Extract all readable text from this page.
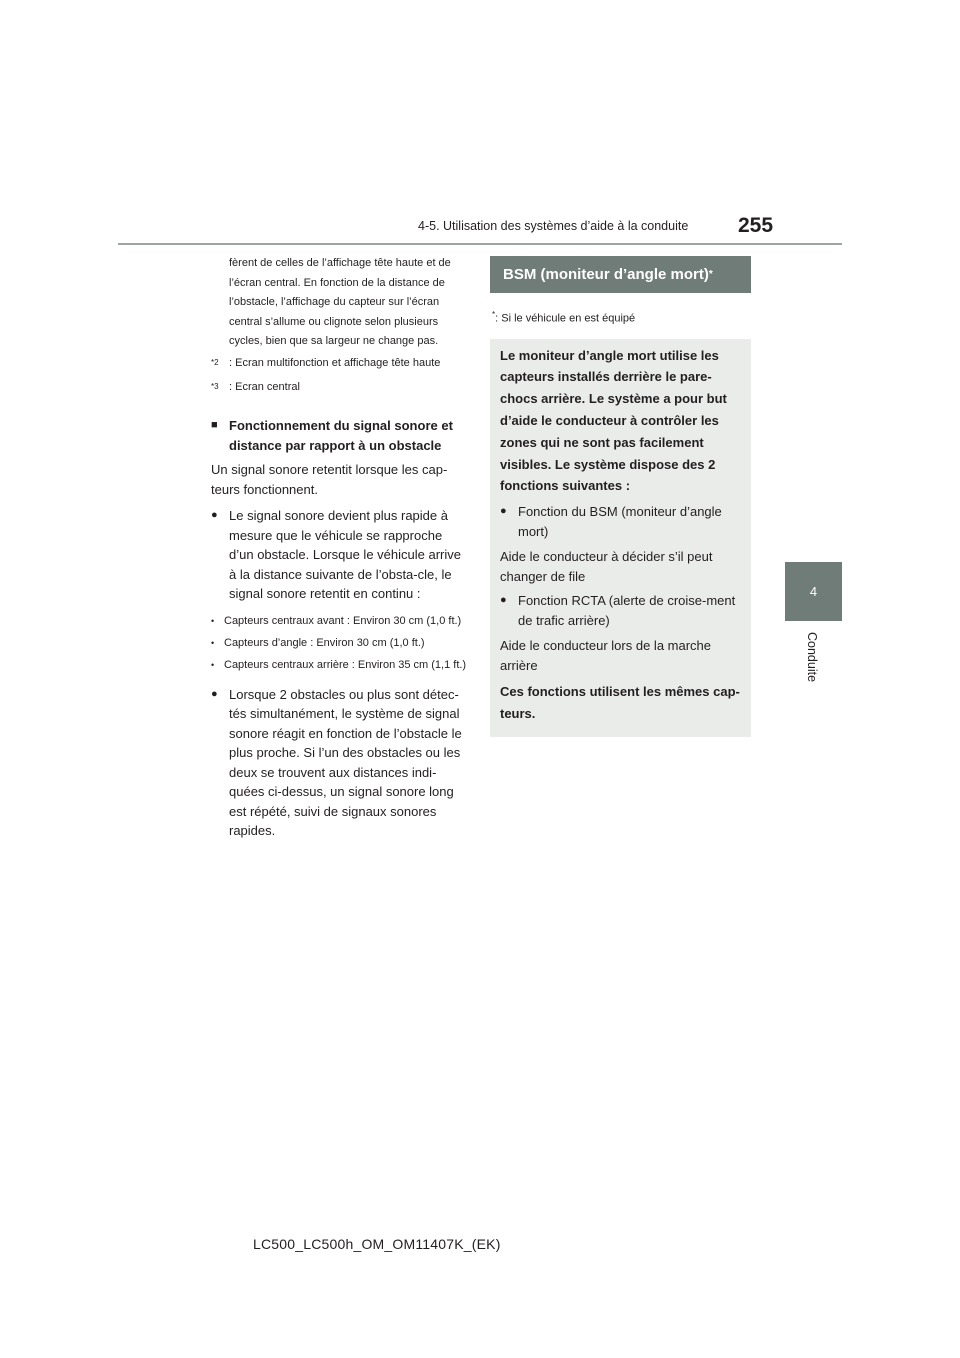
4-5. Utilisation des systèmes d’aide à la conduite 255
4
Conduite
fèrent de celles de l’affichage tête haute et de l’écran central. En fonction de la distance de l’obstacle, l’affichage du capteur sur l’écran central s’allume ou clignote selon plusieurs cycles, bien que sa largeur ne change pas.
$^{*2}$ : Ecran multifonction et affichage tête haute
$^{*3}$ : Ecran central
■ Fonctionnement du signal sonore et distance par rapport à un obstacle
Un signal sonore retentit lorsque les cap-teurs fonctionnent.
● Le signal sonore devient plus rapide à mesure que le véhicule se rapproche d’un obstacle. Lorsque le véhicule arrive à la distance suivante de l’obsta-cle, le signal sonore retentit en continu :
• Capteurs centraux avant : Environ 30 cm (1,0 ft.)
• Capteurs d’angle : Environ 30 cm (1,0 ft.)
• Capteurs centraux arrière : Environ 35 cm (1,1 ft.)
● Lorsque 2 obstacles ou plus sont détec-tés simultanément, le système de signal sonore réagit en fonction de l’obstacle le plus proche. Si l’un des obstacles ou les deux se trouvent aux distances indi-quées ci-dessus, un signal sonore long est répété, suivi de signaux sonores rapides.
BSM (moniteur d’angle mort) *
*: Si le véhicule en est équipé
Le moniteur d’angle mort utilise les capteurs installés derrière le pare-chocs arrière. Le système a pour but d’aide le conducteur à contrôler les zones qui ne sont pas facilement visibles. Le système dispose des 2 fonctions suivantes :
● Fonction du BSM (moniteur d’angle mort)
Aide le conducteur à décider s’il peut changer de file
● Fonction RCTA (alerte de croise-ment de trafic arrière)
Aide le conducteur lors de la marche arrière
Ces fonctions utilisent les mêmes cap-teurs.
LC500_LC500h_OM_OM11407K_(EK)
